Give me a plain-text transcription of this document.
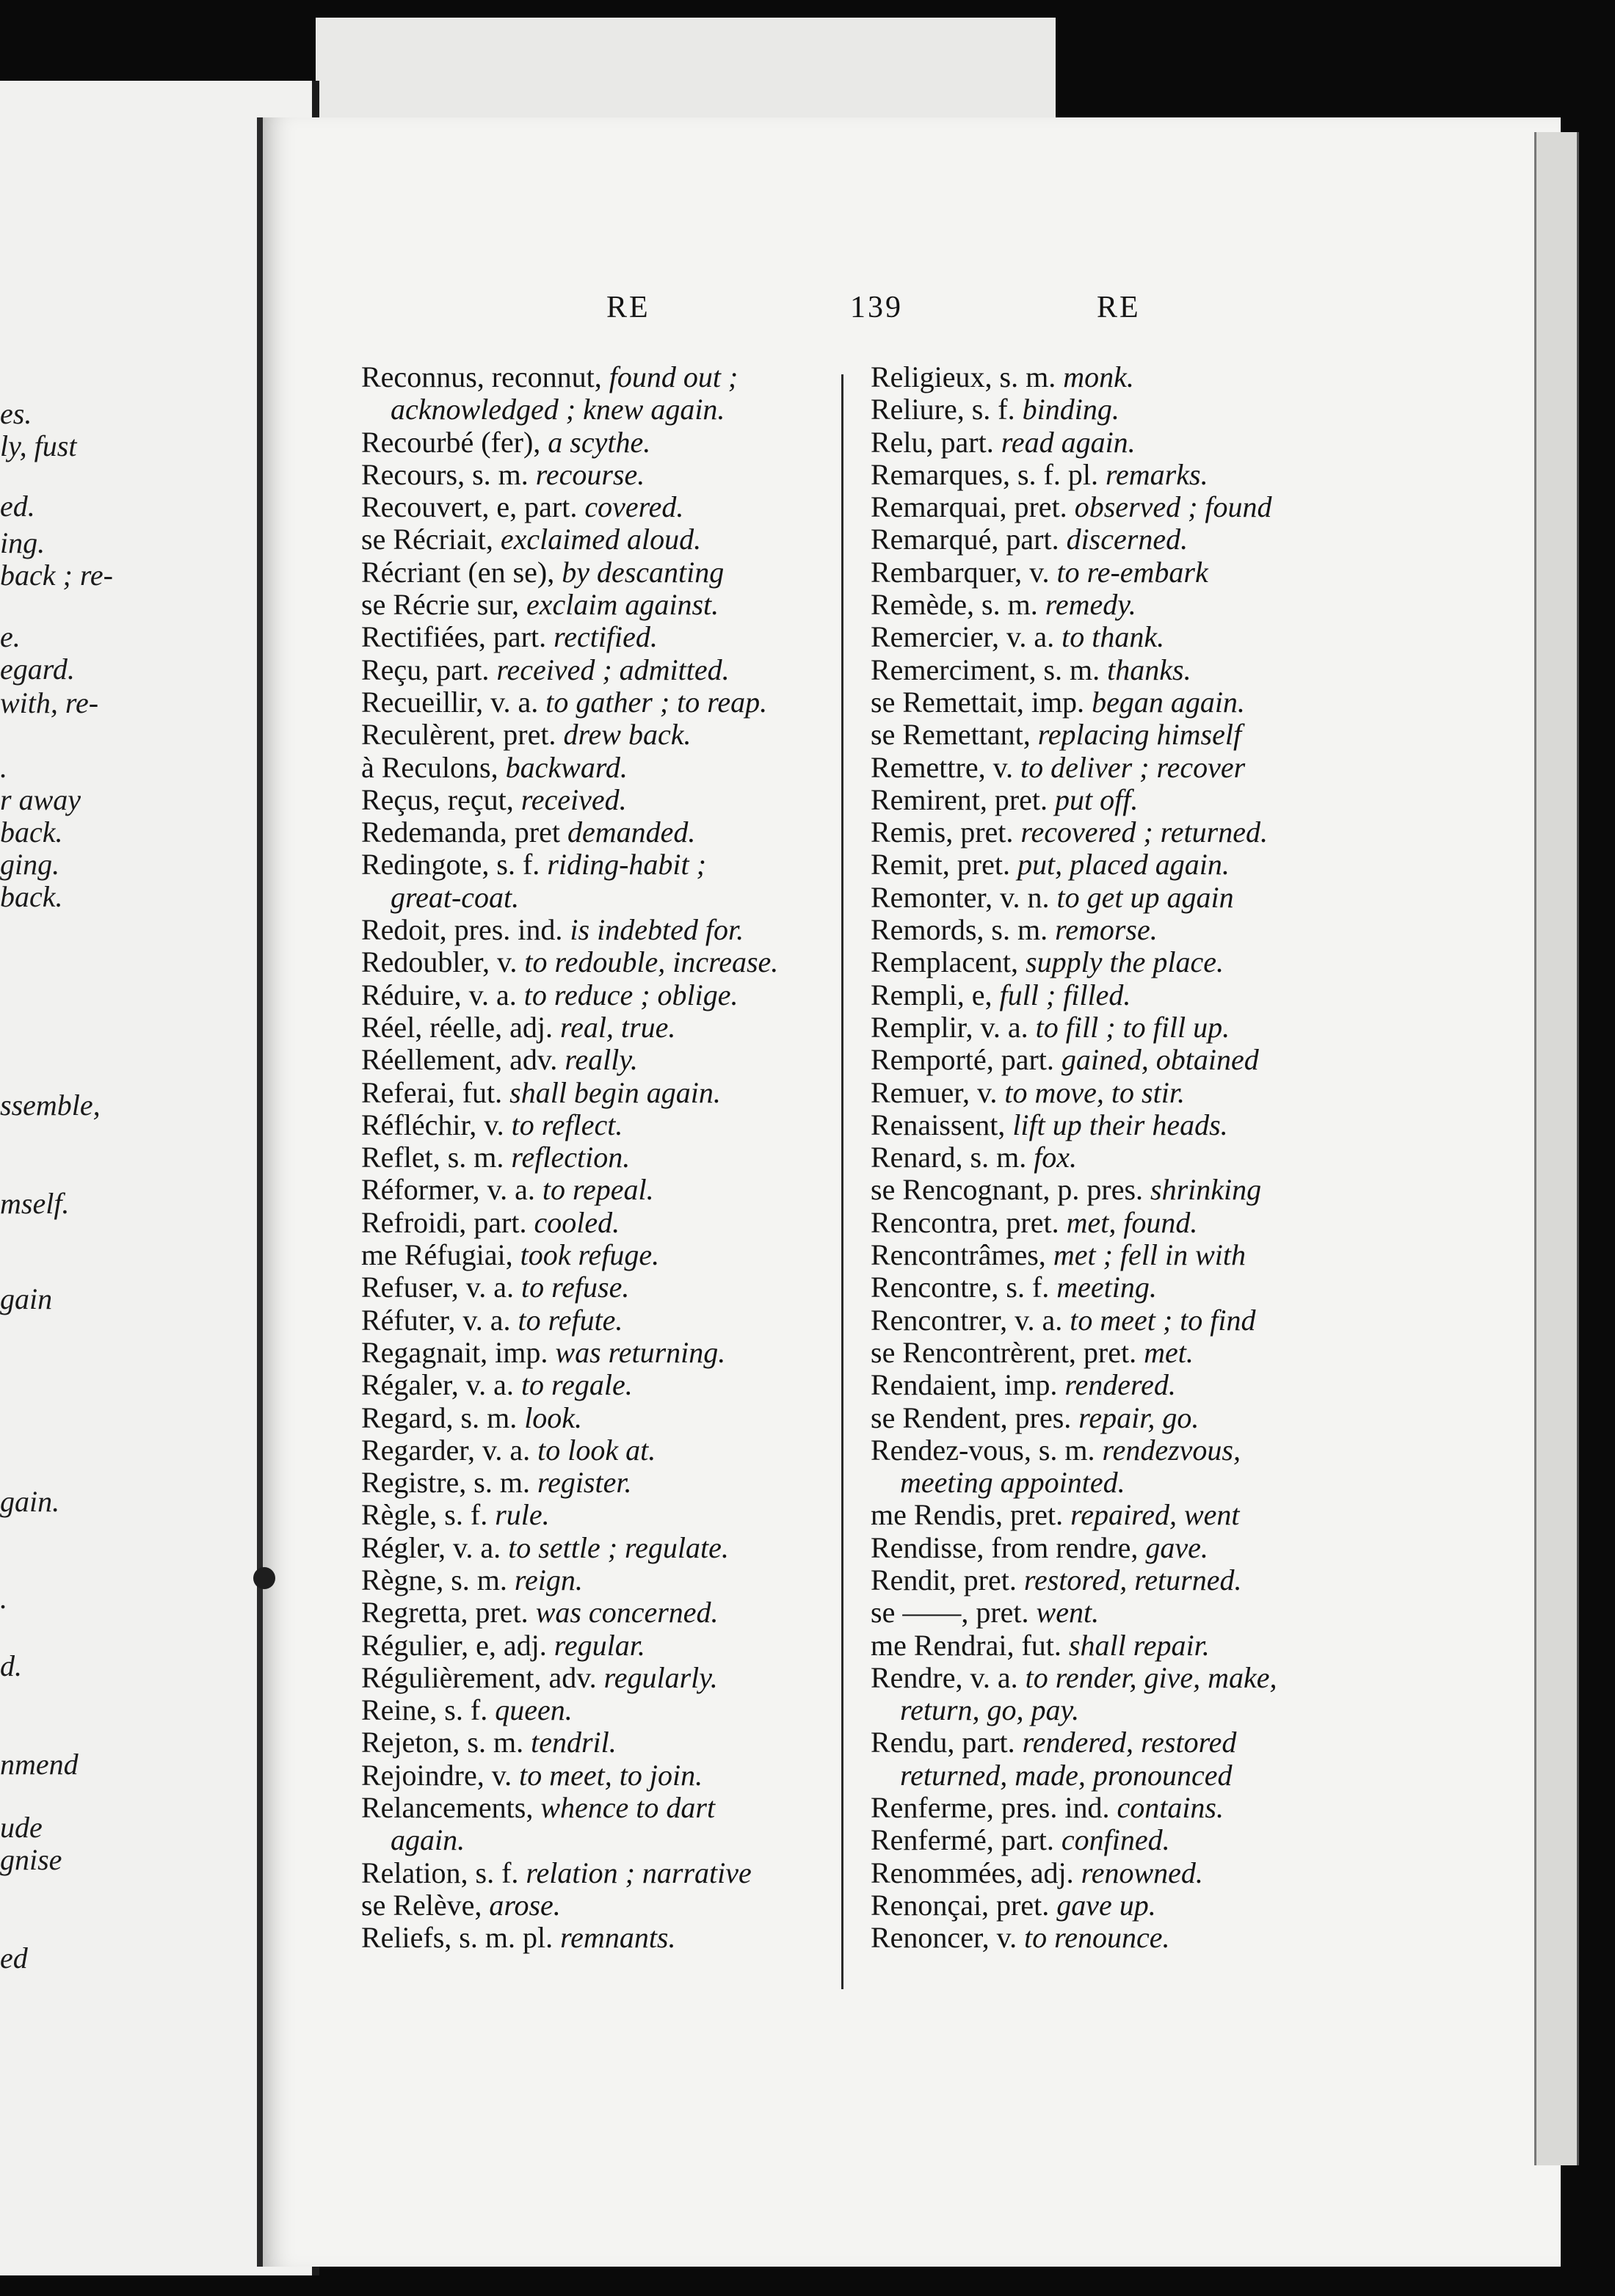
RE	139	RE
Reconnus, reconnut, found out ;
acknowledged ; knew again.
Recourbé (fer), a scythe.
Recours, s. m. recourse.
Recouvert, e, part. covered.
se Récriait, exclaimed aloud.
Récriant (en se), by descanting
se Récrie sur, exclaim against.
Rectifiées, part. rectified.
Reçu, part. received ; admitted.
Recueillir, v. a. to gather ; to reap.
Reculèrent, pret. drew back.
à Reculons, backward.
Reçus, reçut, received.
Redemanda, pret demanded.
Redingote, s. f. riding-habit ;
great-coat.
Redoit, pres. ind. is indebted for.
Redoubler, v. to redouble, increase.
Réduire, v. a. to reduce ; oblige.
Réel, réelle, adj. real, true.
Réellement, adv. really.
Referai, fut. shall begin again.
Réfléchir, v. to reflect.
Reflet, s. m. reflection.
Réformer, v. a. to repeal.
Refroidi, part. cooled.
me Réfugiai, took refuge.
Refuser, v. a. to refuse.
Réfuter, v. a. to refute.
Regagnait, imp. was returning.
Régaler, v. a. to regale.
Regard, s. m. look.
Regarder, v. a. to look at.
Registre, s. m. register.
Règle, s. f. rule.
Régler, v. a. to settle ; regulate.
Règne, s. m. reign.
Regretta, pret. was concerned.
Régulier, e, adj. regular.
Régulièrement, adv. regularly.
Reine, s. f. queen.
Rejeton, s. m. tendril.
Rejoindre, v. to meet, to join.
Relancements, whence to dart
again.
Relation, s. f. relation ; narrative
se Relève, arose.
Reliefs, s. m. pl. remnants.
Religieux, s. m. monk.
Reliure, s. f. binding.
Relu, part. read again.
Remarques, s. f. pl. remarks.
Remarquai, pret. observed ; found
Remarqué, part. discerned.
Rembarquer, v. to re-embark
Remède, s. m. remedy.
Remercier, v. a. to thank.
Remerciment, s. m. thanks.
se Remettait, imp. began again.
se Remettant, replacing himself
Remettre, v. to deliver ; recover
Remirent, pret. put off.
Remis, pret. recovered ; returned.
Remit, pret. put, placed again.
Remonter, v. n. to get up again
Remords, s. m. remorse.
Remplacent, supply the place.
Rempli, e, full ; filled.
Remplir, v. a. to fill ; to fill up.
Remporté, part. gained, obtained
Remuer, v. to move, to stir.
Renaissent, lift up their heads.
Renard, s. m. fox.
se Rencognant, p. pres. shrinking
Rencontra, pret. met, found.
Rencontrâmes, met ; fell in with
Rencontre, s. f. meeting.
Rencontrer, v. a. to meet ; to find
se Rencontrèrent, pret. met.
Rendaient, imp. rendered.
se Rendent, pres. repair, go.
Rendez-vous, s. m. rendezvous,
meeting appointed.
me Rendis, pret. repaired, went
Rendisse, from rendre, gave.
Rendit, pret. restored, returned.
se ——, pret. went.
me Rendrai, fut. shall repair.
Rendre, v. a. to render, give, make,
return, go, pay.
Rendu, part. rendered, restored
returned, made, pronounced
Renferme, pres. ind. contains.
Renfermé, part. confined.
Renommées, adj. renowned.
Renonçai, pret. gave up.
Renoncer, v. to renounce.
es.
ly, fust
ed.
ing.
back ; re-
e.
egard.
with, re-
.
r away
back.
ging.
back.
ssemble,
mself.
gain
gain.
.
d.
nmend
ude
gnise
ed
